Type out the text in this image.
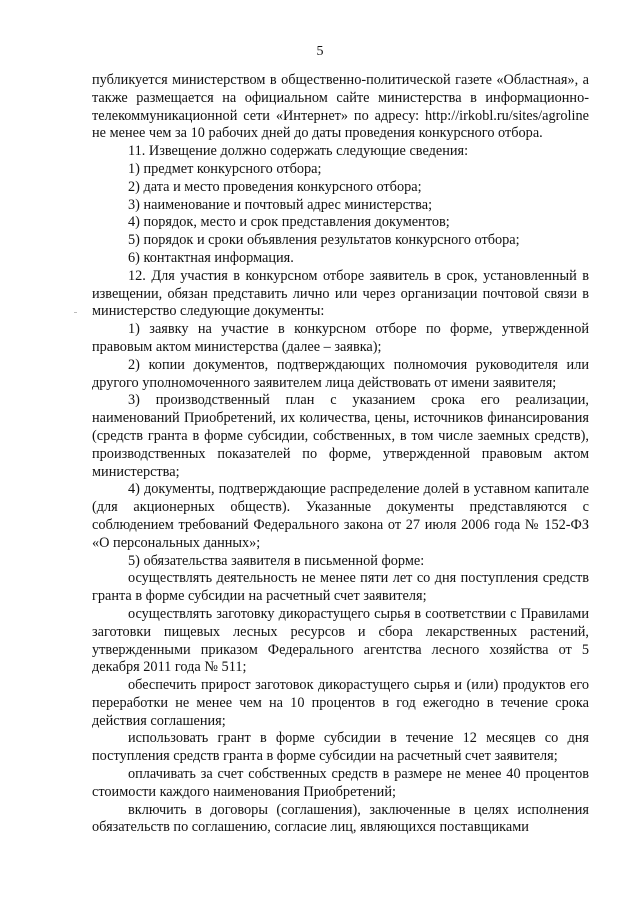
5

публикуется министерством в общественно-политической газете «Областная», а также размещается на официальном сайте министерства в информационно-телекоммуникационной сети «Интернет» по адресу: http://irkobl.ru/sites/agroline не менее чем за 10 рабочих дней до даты проведения конкурсного отбора.

11. Извещение должно содержать следующие сведения:

1) предмет конкурсного отбора;

2) дата и место проведения конкурсного отбора;

3) наименование и почтовый адрес министерства;

4) порядок, место и срок представления документов;

5) порядок и сроки объявления результатов конкурсного отбора;

6) контактная информация.

12. Для участия в конкурсном отборе заявитель в срок, установленный в извещении, обязан представить лично или через организации почтовой связи в министерство следующие документы:

1) заявку на участие в конкурсном отборе по форме, утвержденной правовым актом министерства (далее – заявка);

2) копии документов, подтверждающих полномочия руководителя или другого уполномоченного заявителем лица действовать от имени заявителя;

3) производственный план с указанием срока его реализации, наименований Приобретений, их количества, цены, источников финансирования (средств гранта в форме субсидии, собственных, в том числе заемных средств), производственных показателей по форме, утвержденной правовым актом министерства;

4) документы, подтверждающие распределение долей в уставном капитале (для акционерных обществ). Указанные документы представляются с соблюдением требований Федерального закона от 27 июля 2006 года № 152-ФЗ «О персональных данных»;

5) обязательства заявителя в письменной форме:

осуществлять деятельность не менее пяти лет со дня поступления средств гранта в форме субсидии на расчетный счет заявителя;

осуществлять заготовку дикорастущего сырья в соответствии с Правилами заготовки пищевых лесных ресурсов и сбора лекарственных растений, утвержденными приказом Федерального агентства лесного хозяйства от 5 декабря 2011 года № 511;

обеспечить прирост заготовок дикорастущего сырья и (или) продуктов его переработки не менее чем на 10 процентов в год ежегодно в течение срока действия соглашения;

использовать грант в форме субсидии в течение 12 месяцев со дня поступления средств гранта в форме субсидии на расчетный счет заявителя;

оплачивать за счет собственных средств в размере не менее 40 процентов стоимости каждого наименования Приобретений;

включить в договоры (соглашения), заключенные в целях исполнения обязательств по соглашению, согласие лиц, являющихся поставщиками
